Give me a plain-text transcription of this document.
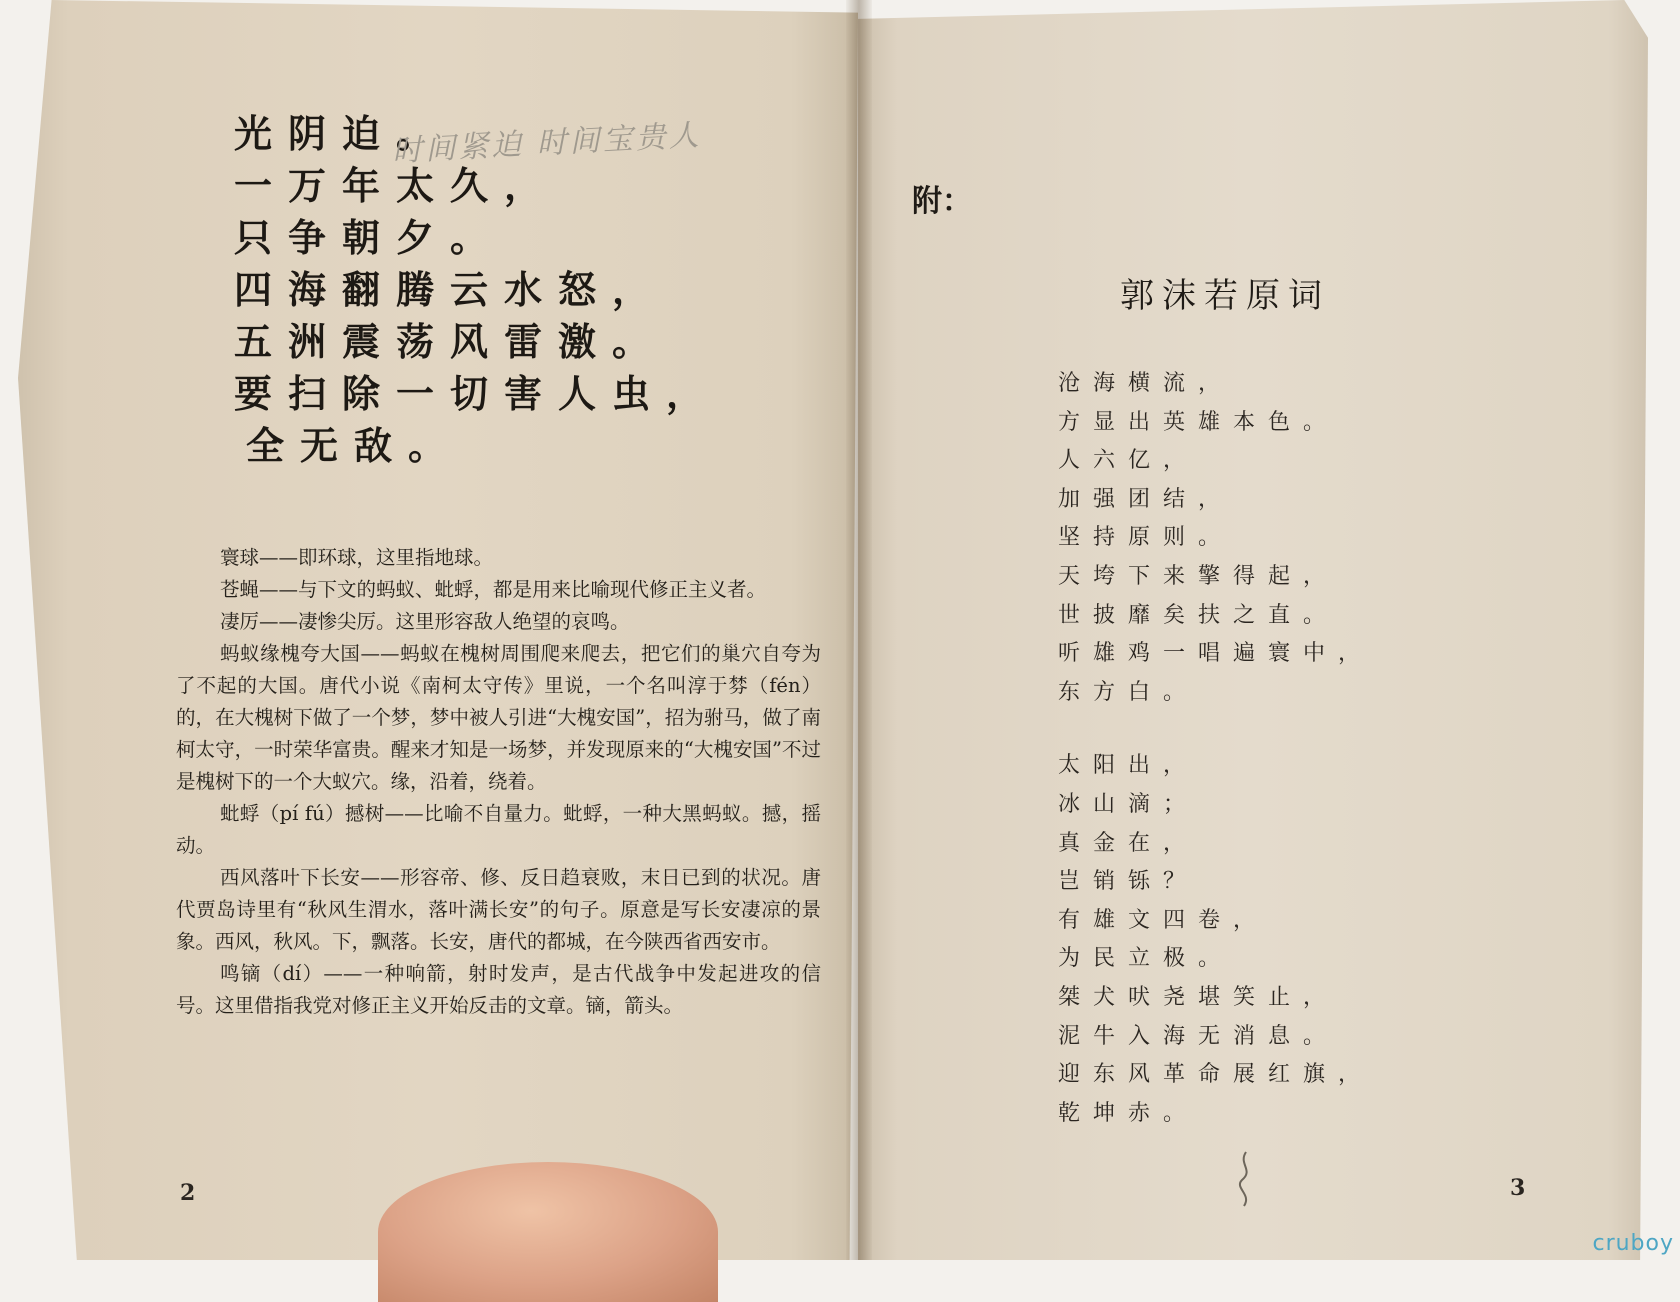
光阴迫。
一万年太久，
只争朝夕。
四海翻腾云水怒，
五洲震荡风雷激。
要扫除一切害人虫，
全无敌。
时间紧迫 时间宝贵人

寰球——即环球，这里指地球。

苍蝇——与下文的蚂蚁、蚍蜉，都是用来比喻现代修正主义者。

凄厉——凄惨尖厉。这里形容敌人绝望的哀鸣。

蚂蚁缘槐夸大国——蚂蚁在槐树周围爬来爬去，把它们的巢穴自夸为了不起的大国。唐代小说《南柯太守传》里说，一个名叫淳于棼（fén）的，在大槐树下做了一个梦，梦中被人引进“大槐安国”，招为驸马，做了南柯太守，一时荣华富贵。醒来才知是一场梦，并发现原来的“大槐安国”不过是槐树下的一个大蚁穴。缘，沿着，绕着。

蚍蜉（pí fú）撼树——比喻不自量力。蚍蜉，一种大黑蚂蚁。撼，摇动。

西风落叶下长安——形容帝、修、反日趋衰败，末日已到的状况。唐代贾岛诗里有“秋风生渭水，落叶满长安”的句子。原意是写长安凄凉的景象。西风，秋风。下，飘落。长安，唐代的都城，在今陕西省西安市。

鸣镝（dí）——一种响箭，射时发声，是古代战争中发起进攻的信号。这里借指我党对修正主义开始反击的文章。镝，箭头。

2
附：
郭沫若原词
沧海横流，
方显出英雄本色。
人六亿，
加强团结，
坚持原则。
天垮下来擎得起，
世披靡矣扶之直。
听雄鸡一唱遍寰中，
东方白。
太阳出，
冰山滴；
真金在，
岂销铄？
有雄文四卷，
为民立极。
桀犬吠尧堪笑止，
泥牛入海无消息。
迎东风革命展红旗，
乾坤赤。
3
cruboy
